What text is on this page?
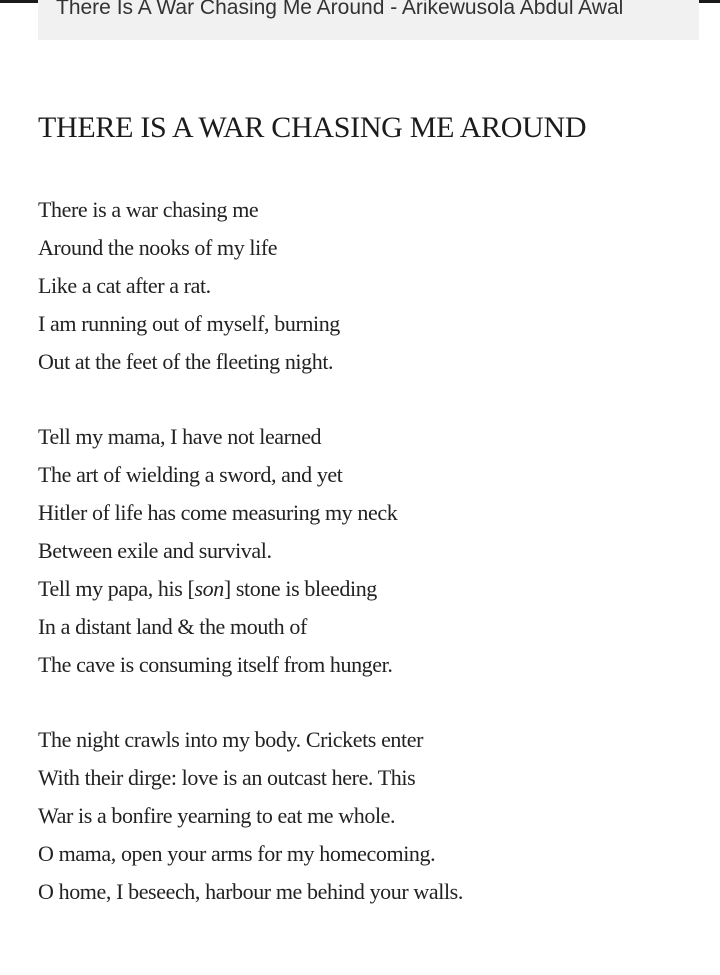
There Is A War Chasing Me Around - Arikewusola Abdul Awal
THERE IS A WAR CHASING ME AROUND
There is a war chasing me
Around the nooks of my life
Like a cat after a rat.
I am running out of myself, burning
Out at the feet of the fleeting night.
Tell my mama, I have not learned
The art of wielding a sword, and yet
Hitler of life has come measuring my neck
Between exile and survival.
Tell my papa, his [son] stone is bleeding
In a distant land & the mouth of
The cave is consuming itself from hunger.
The night crawls into my body. Crickets enter
With their dirge: love is an outcast here. This
War is a bonfire yearning to eat me whole.
O mama, open your arms for my homecoming.
O home, I beseech, harbour me behind your walls.
